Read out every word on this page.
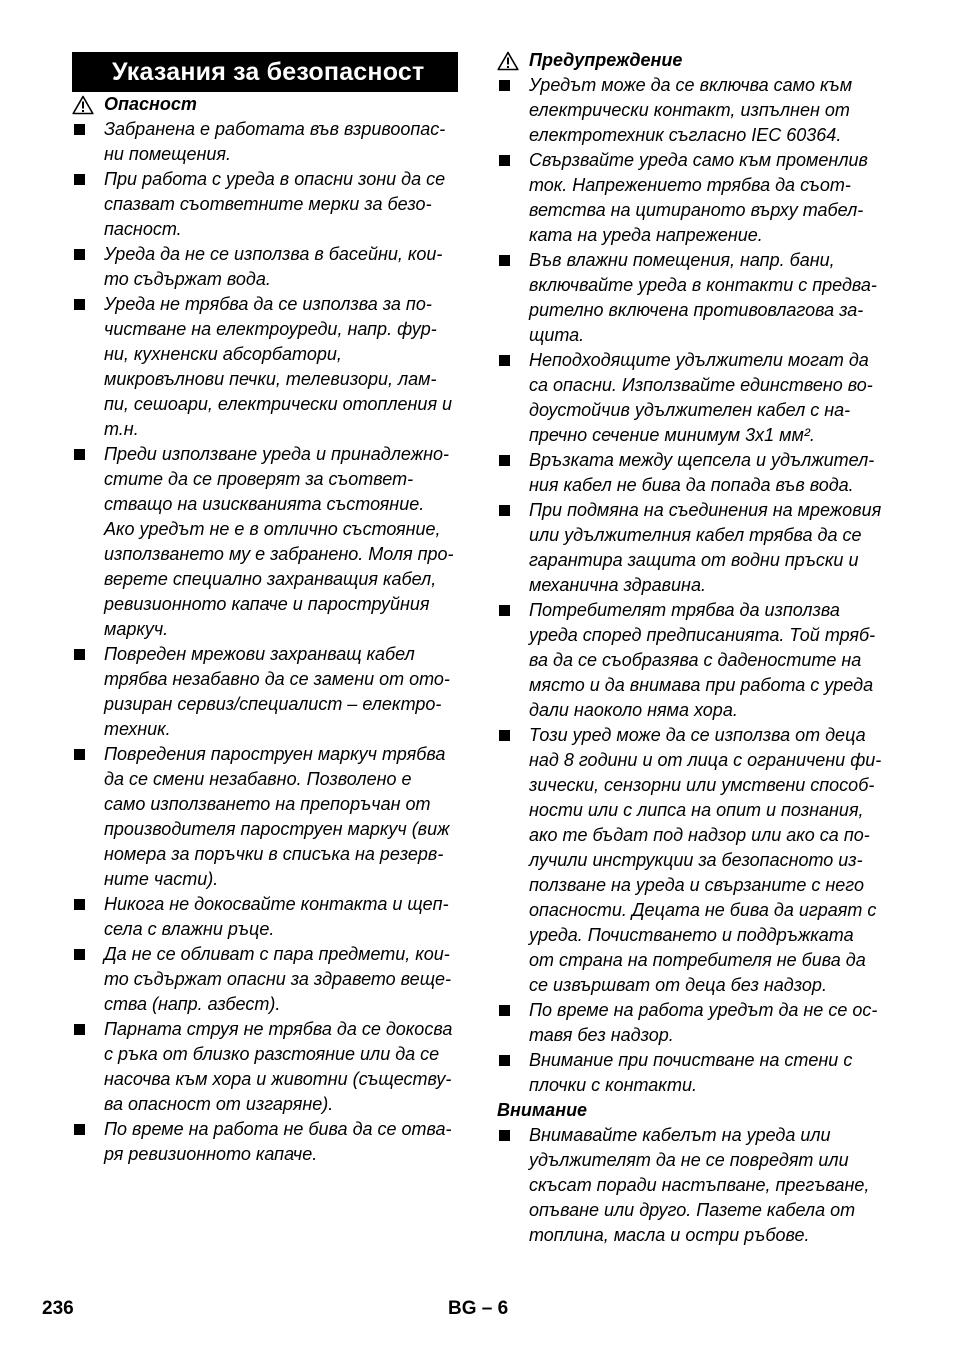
Указания за безопасност
Опасност
Забранена е работата във взривоопас-
ни помещения.
При работа с уреда в опасни зони да се
спазват съответните мерки за безо-
пасност.
Уреда да не се използва в басейни, кои-
то съдържат вода.
Уреда не трябва да се използва за по-
чистване на електроуреди, напр. фур-
ни, кухненски абсорбатори,
микровълнови печки, телевизори, лам-
пи, сешоари, електрически отопления и
т.н.
Преди използване уреда и принадлежно-
стите да се проверят за съответ-
стващо на изискванията състояние.
Ако уредът не е в отлично състояние,
използването му е забранено. Моля про-
верете специално захранващия кабел,
ревизионното капаче и пароструйния
маркуч.
Повреден мрежови захранващ кабел
трябва незабавно да се замени от ото-
ризиран сервиз/специалист – електро-
техник.
Повредения пароструен маркуч трябва
да се смени незабавно. Позволено е
само използването на препоръчан от
производителя пароструен маркуч (виж
номера за поръчки в списъка на резерв-
ните части).
Никога не докосвайте контакта и щеп-
села с влажни ръце.
Да не се обливат с пара предмети, кои-
то съдържат опасни за здравето веще-
ства (напр. азбест).
Парната струя не трябва да се докосва
с ръка от близко разстояние или да се
насочва към хора и животни (съществу-
ва опасност от изгаряне).
По време на работа не бива да се отва-
ря ревизионното капаче.
Предупреждение
Уредът може да се включва само към
електрически контакт, изпълнен от
електротехник съгласно IEC 60364.
Свързвайте уреда само към променлив
ток. Напрежението трябва да съот-
ветства на цитираното върху табел-
ката на уреда напрежение.
Във влажни помещения, напр. бани,
включвайте уреда в контакти с предва-
рително включена противовлагова за-
щита.
Неподходящите удължители могат да
са опасни. Използвайте единствено во-
доустойчив удължителен кабел с на-
пречно сечение минимум 3х1 мм².
Връзката между щепсела и удължител-
ния кабел не бива да попада във вода.
При подмяна на съединения на мрежовия
или удължителния кабел трябва да се
гарантира защита от водни пръски и
механична здравина.
Потребителят трябва да използва
уреда според предписанията. Той тряб-
ва да се съобразява с даденостите на
място и да внимава при работа с уреда
дали наоколо няма хора.
Този уред може да се използва от деца
над 8 години и от лица с ограничени фи-
зически, сензорни или умствени способ-
ности или с липса на опит и познания,
ако те бъдат под надзор или ако са по-
лучили инструкции за безопасното из-
ползване на уреда и свързаните с него
опасности. Децата не бива да играят с
уреда. Почистването и поддръжката
от страна на потребителя не бива да
се извършват от деца без надзор.
По време на работа уредът да не се ос-
тавя без надзор.
Внимание при почистване на стени с
плочки с контакти.
Внимание
Внимавайте кабелът на уреда или
удължителят да не се повредят или
скъсат поради настъпване, прегъване,
опъване или друго. Пазете кабела от
топлина, масла и остри ръбове.
236	BG – 6
